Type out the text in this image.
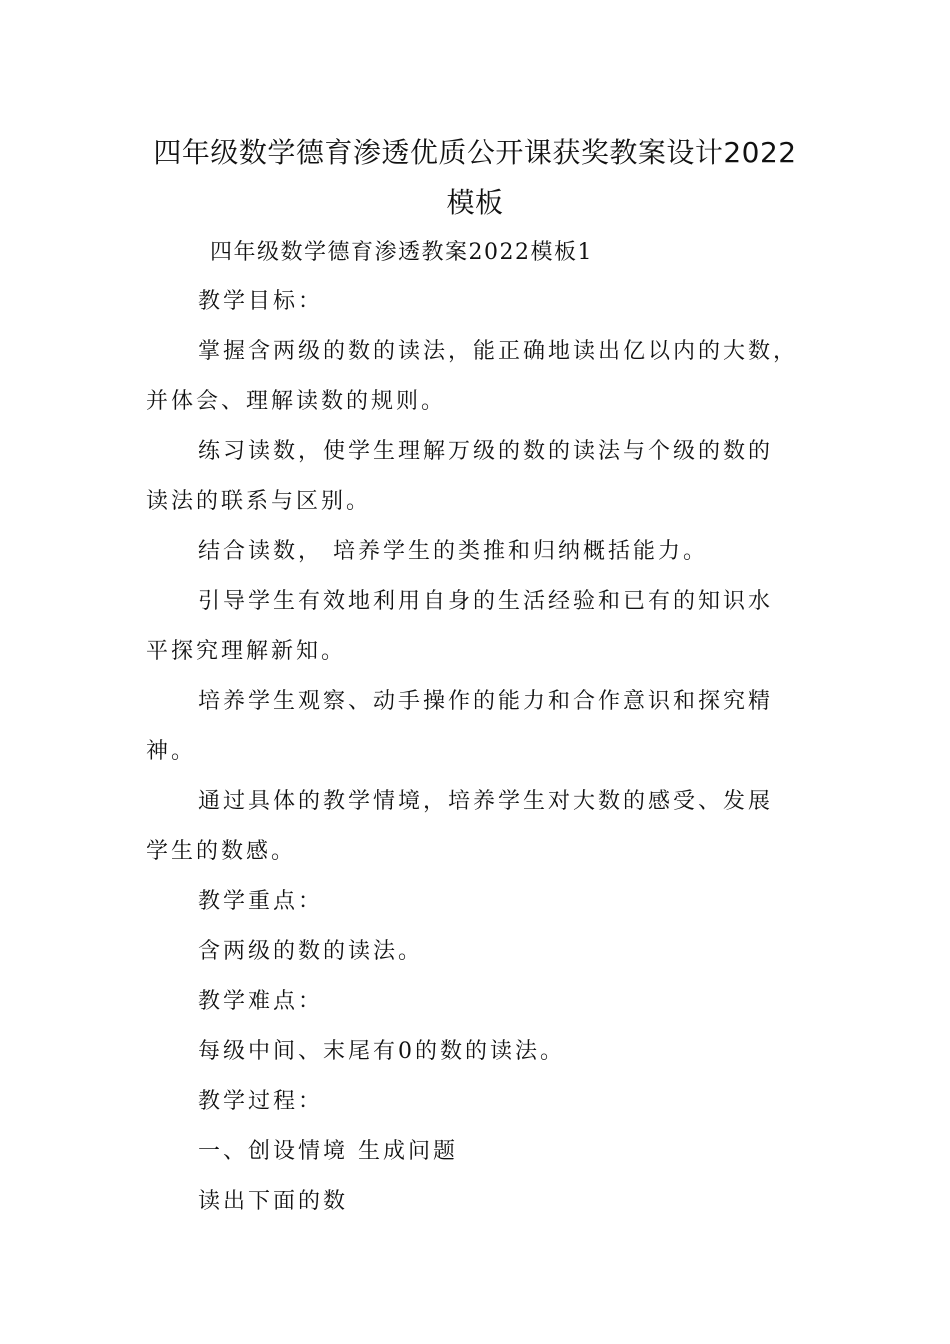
四年级数学德育渗透优质公开课获奖教案设计2022
模板
四年级数学德育渗透教案2022模板1
教学目标：
掌握含两级的数的读法，能正确地读出亿以内的大数，
并体会、理解读数的规则。
练习读数，使学生理解万级的数的读法与个级的数的
读法的联系与区别。
结合读数， 培养学生的类推和归纳概括能力。
引导学生有效地利用自身的生活经验和已有的知识水
平探究理解新知。
培养学生观察、动手操作的能力和合作意识和探究精
神。
通过具体的教学情境，培养学生对大数的感受、发展
学生的数感。
教学重点：
含两级的数的读法。
教学难点：
每级中间、末尾有0的数的读法。
教学过程：
一、创设情境 生成问题
读出下面的数
